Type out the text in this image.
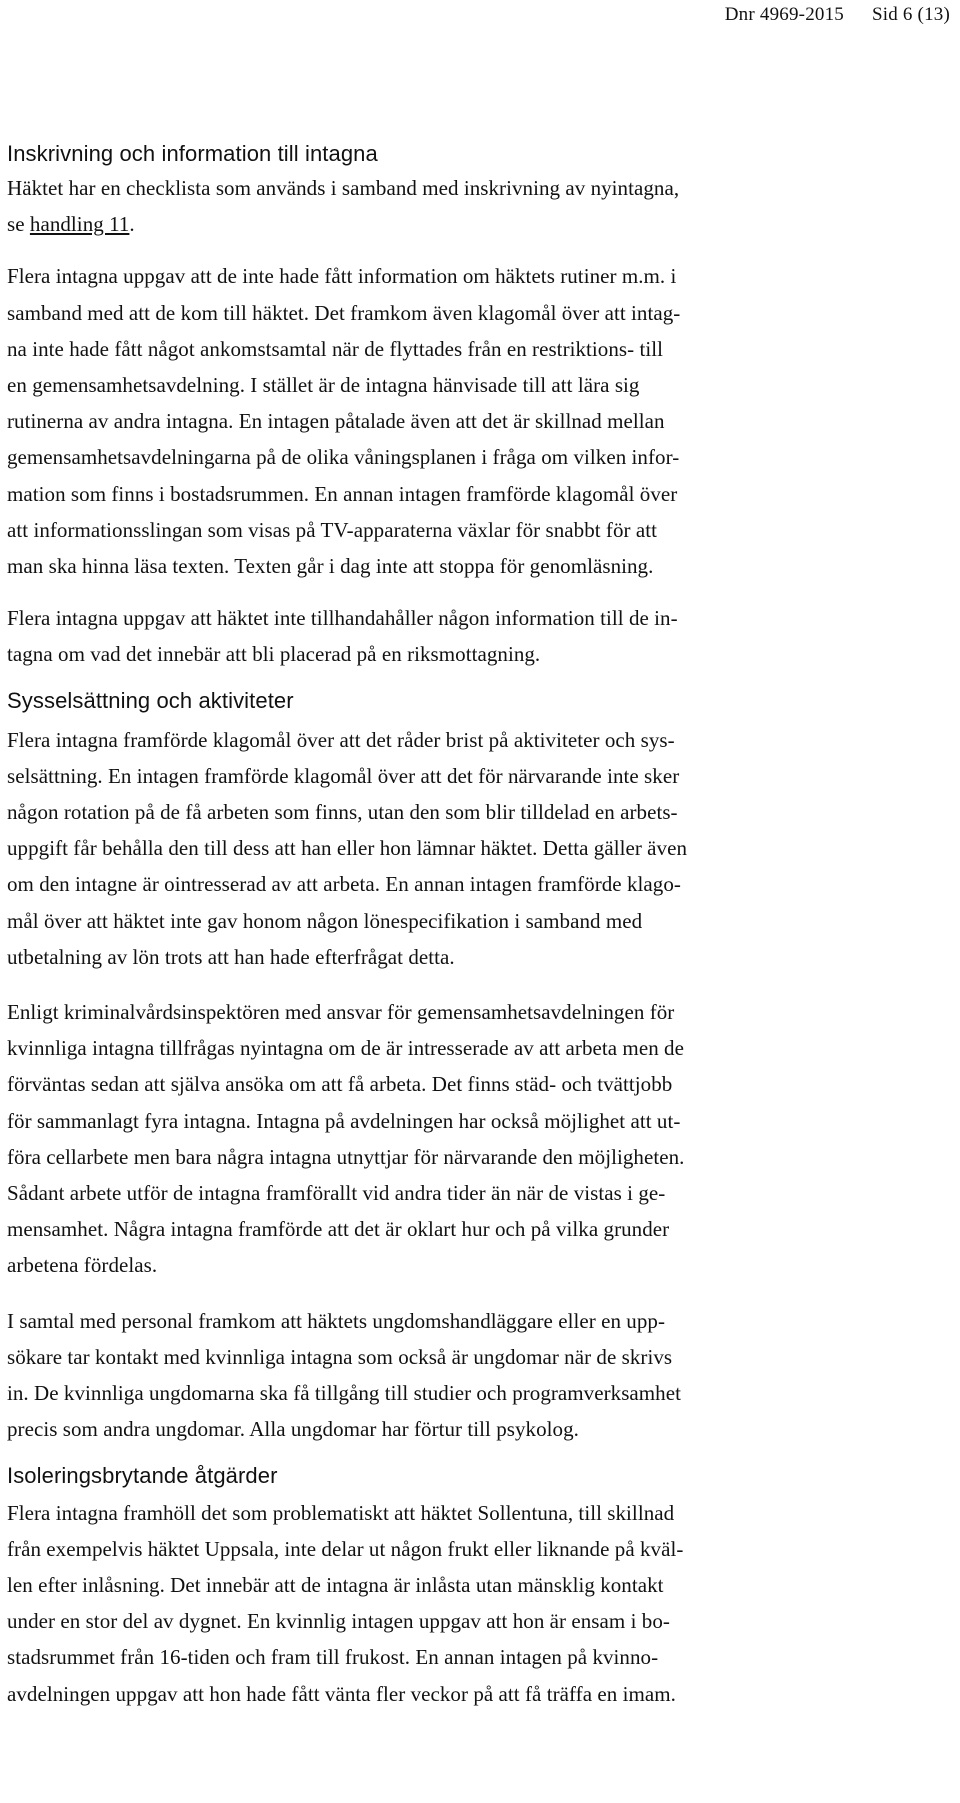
Dnr 4969-2015 Sid 6 (13)
Inskrivning och information till intagna

Häktet har en checklista som används i samband med inskrivning av nyintagna,
se handling 11.

Flera intagna uppgav att de inte hade fått information om häktets rutiner m.m. i
samband med att de kom till häktet. Det framkom även klagomål över att intag-
na inte hade fått något ankomstsamtal när de flyttades från en restriktions- till
en gemensamhetsavdelning. I stället är de intagna hänvisade till att lära sig
rutinerna av andra intagna. En intagen påtalade även att det är skillnad mellan
gemensamhetsavdelningarna på de olika våningsplanen i fråga om vilken infor-
mation som finns i bostadsrummen. En annan intagen framförde klagomål över
att informationsslingan som visas på TV-apparaterna växlar för snabbt för att
man ska hinna läsa texten. Texten går i dag inte att stoppa för genomläsning.

Flera intagna uppgav att häktet inte tillhandahåller någon information till de in-
tagna om vad det innebär att bli placerad på en riksmottagning.

Sysselsättning och aktiviteter

Flera intagna framförde klagomål över att det råder brist på aktiviteter och sys-
selsättning. En intagen framförde klagomål över att det för närvarande inte sker
någon rotation på de få arbeten som finns, utan den som blir tilldelad en arbets-
uppgift får behålla den till dess att han eller hon lämnar häktet. Detta gäller även
om den intagne är ointresserad av att arbeta. En annan intagen framförde klago-
mål över att häktet inte gav honom någon lönespecifikation i samband med
utbetalning av lön trots att han hade efterfrågat detta.

Enligt kriminalvårdsinspektören med ansvar för gemensamhetsavdelningen för
kvinnliga intagna tillfrågas nyintagna om de är intresserade av att arbeta men de
förväntas sedan att själva ansöka om att få arbeta. Det finns städ- och tvättjobb
för sammanlagt fyra intagna. Intagna på avdelningen har också möjlighet att ut-
föra cellarbete men bara några intagna utnyttjar för närvarande den möjligheten.
Sådant arbete utför de intagna framförallt vid andra tider än när de vistas i ge-
mensamhet. Några intagna framförde att det är oklart hur och på vilka grunder
arbetena fördelas.

I samtal med personal framkom att häktets ungdomshandläggare eller en upp-
sökare tar kontakt med kvinnliga intagna som också är ungdomar när de skrivs
in. De kvinnliga ungdomarna ska få tillgång till studier och programverksamhet
precis som andra ungdomar. Alla ungdomar har förtur till psykolog.

Isoleringsbrytande åtgärder

Flera intagna framhöll det som problematiskt att häktet Sollentuna, till skillnad
från exempelvis häktet Uppsala, inte delar ut någon frukt eller liknande på kväl-
len efter inlåsning. Det innebär att de intagna är inlåsta utan mänsklig kontakt
under en stor del av dygnet. En kvinnlig intagen uppgav att hon är ensam i bo-
stadsrummet från 16-tiden och fram till frukost. En annan intagen på kvinno-
avdelningen uppgav att hon hade fått vänta fler veckor på att få träffa en imam.
